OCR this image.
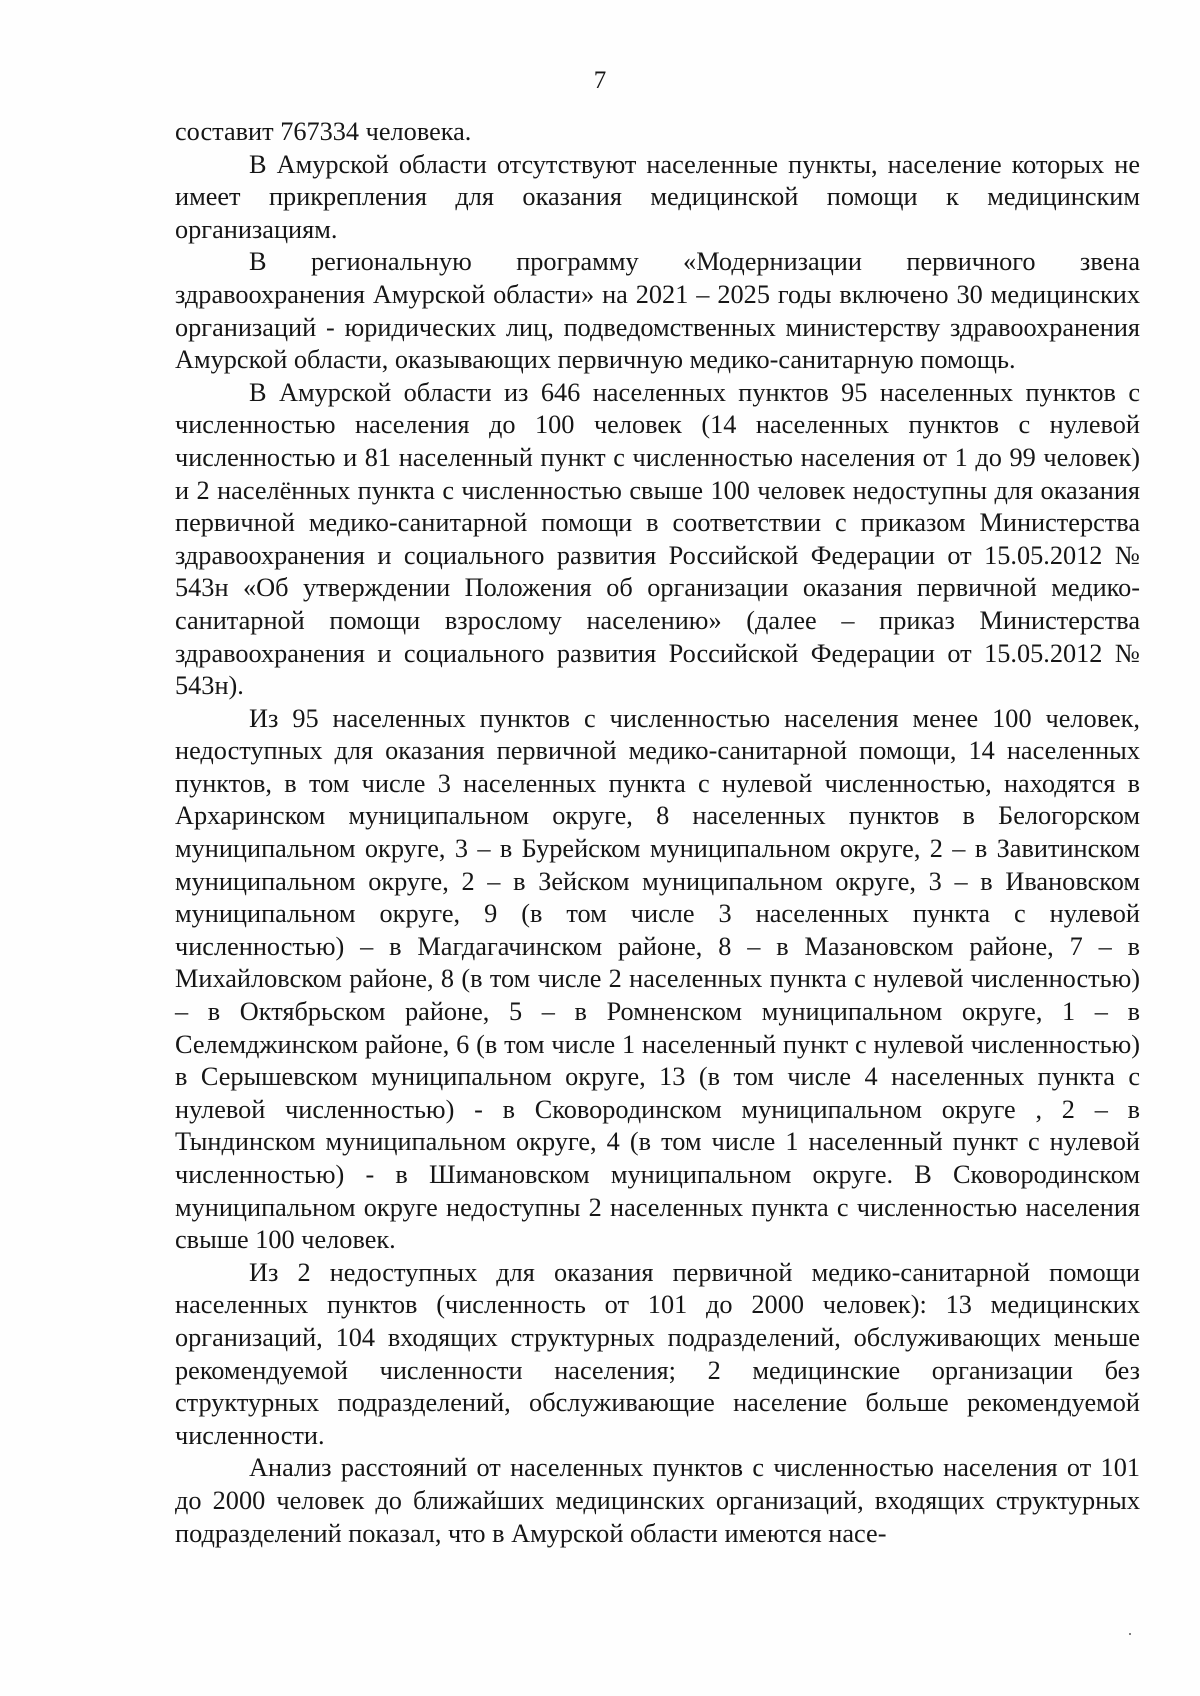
7

составит 767334 человека.

В Амурской области отсутствуют населенные пункты, население которых не имеет прикрепления для оказания медицинской помощи к медицинским организациям.

В региональную программу «Модернизации первичного звена здравоохранения Амурской области» на 2021 – 2025 годы включено 30 медицинских организаций - юридических лиц, подведомственных министерству здравоохранения Амурской области, оказывающих первичную медико-санитарную помощь.

В Амурской области из 646 населенных пунктов 95 населенных пунктов с численностью населения до 100 человек (14 населенных пунктов с нулевой численностью и 81 населенный пункт с численностью населения от 1 до 99 человек) и 2 населённых пункта с численностью свыше 100 человек недоступны для оказания первичной медико-санитарной помощи в соответствии с приказом Министерства здравоохранения и социального развития Российской Федерации от 15.05.2012 № 543н «Об утверждении Положения об организации оказания первичной медико-санитарной помощи взрослому населению» (далее – приказ Министерства здравоохранения и социального развития Российской Федерации от 15.05.2012 № 543н).

Из 95 населенных пунктов с численностью населения менее 100 человек, недоступных для оказания первичной медико-санитарной помощи, 14 населенных пунктов, в том числе 3 населенных пункта с нулевой численностью, находятся в Архаринском муниципальном округе, 8 населенных пунктов в Белогорском муниципальном округе, 3 – в Бурейском муниципальном округе, 2 – в Завитинском муниципальном округе, 2 – в Зейском муниципальном округе, 3 – в Ивановском муниципальном округе, 9 (в том числе 3 населенных пункта с нулевой численностью) – в Магдагачинском районе, 8 – в Мазановском районе, 7 – в Михайловском районе, 8 (в том числе 2 населенных пункта с нулевой численностью) – в Октябрьском районе, 5 – в Ромненском муниципальном округе, 1 – в Селемджинском районе, 6 (в том числе 1 населенный пункт с нулевой численностью) в Серышевском муниципальном округе, 13 (в том числе 4 населенных пункта с нулевой численностью) - в Сковородинском муниципальном округе , 2 – в Тындинском муниципальном округе, 4 (в том числе 1 населенный пункт с нулевой численностью) - в Шимановском муниципальном округе. В Сковородинском муниципальном округе недоступны 2 населенных пункта с численностью населения свыше 100 человек.

Из 2 недоступных для оказания первичной медико-санитарной помощи населенных пунктов (численность от 101 до 2000 человек): 13 медицинских организаций, 104 входящих структурных подразделений, обслуживающих меньше рекомендуемой численности населения; 2 медицинские организации без структурных подразделений, обслуживающие население больше рекомендуемой численности.

Анализ расстояний от населенных пунктов с численностью населения от 101 до 2000 человек до ближайших медицинских организаций, входящих структурных подразделений показал, что в Амурской области имеются насе-
